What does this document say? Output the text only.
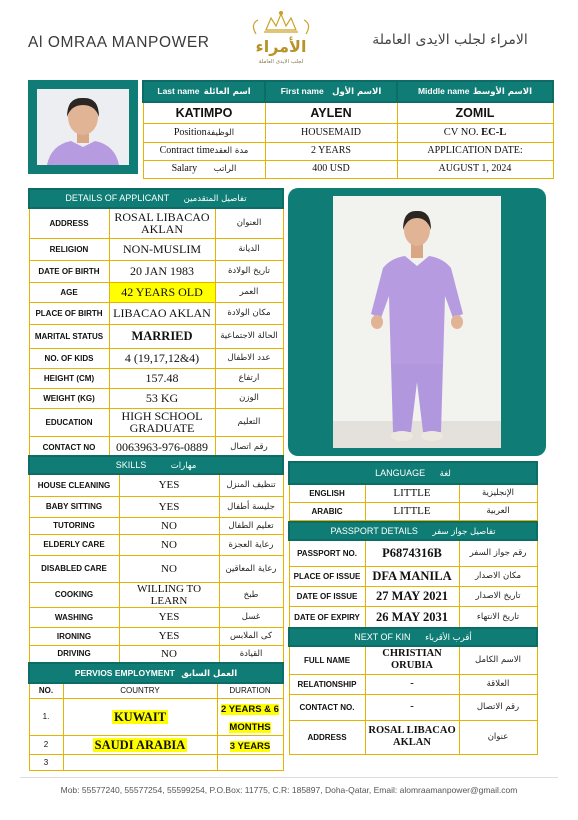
Al OMRAA MANPOWER	الأمراء
لجلب الايدى العاملة
الامراء لجلب الايدى العاملة
Last name اسم العائلة	First name الاسم الأول	Middle name الاسم الأوسط
KATIMPO	AYLEN	ZOMIL
Positionالوظيفة	HOUSEMAID	CV NO. EC-L
Contract timeمدة العقد	2 YEARS	APPLICATION DATE:
Salary الراتب	400 USD	AUGUST 1, 2024
DETAILS OF APPLICANT تفاصيل المتقدمين		
ADDRESS	ROSAL LIBACAO AKLAN	العنوان
RELIGION	NON-MUSLIM	الديانة
DATE OF BIRTH	20 JAN 1983	تاريخ الولادة
AGE	42 YEARS OLD	العمر
PLACE OF BIRTH	LIBACAO AKLAN	مكان الولادة
MARITAL STATUS	MARRIED	الحالة الاجتماعية
NO. OF KIDS	4 (19,17,12&4)	عدد الاطفال
HEIGHT (CM)	157.48	ارتفاع
WEIGHT (KG)	53 KG	الوزن
EDUCATION	HIGH SCHOOL GRADUATE	التعليم
CONTACT NO	0063963-976-0889	رقم اتصال
SKILLS مهارات		
HOUSE CLEANING	YES	تنظيف المنزل
BABY SITTING	YES	جليسة أطفال
TUTORING	NO	تعليم الطفال
ELDERLY CARE	NO	رعاية العجزة
DISABLED CARE	NO	رعاية المعاقين
COOKING	WILLING TO LEARN	طبخ
WASHING	YES	غسل
IRONING	YES	كى الملابس
DRIVING	NO	القيادة
PERVIOS EMPLOYMENT العمل السابق		
NO.	COUNTRY	DURATION
1.	KUWAIT	2 YEARS & 6 MONTHS
2	SAUDI ARABIA	3 YEARS
3		
LANGUAGE لغة		
ENGLISH	LITTLE	الإنجليزية
ARABIC	LITTLE	العربية
PASSPORT DETAILS تفاصيل جواز سفر		
PASSPORT NO.	P6874316B	رقم جواز السفر
PLACE OF ISSUE	DFA MANILA	مكان الاصدار
DATE OF ISSUE	27 MAY 2021	تاريخ الاصدار
DATE OF EXPIRY	26 MAY 2031	تاريخ الانتهاء
NEXT OF KIN أقرب الأقرباء		
FULL NAME	CHRISTIAN ORUBIA	الاسم الكامل
RELATIONSHIP	-	العلاقة
CONTACT NO.	-	رقم الاتصال
ADDRESS	ROSAL LIBACAO AKLAN	عنوان
Mob: 55577240, 55577254, 55599254, P.O.Box: 11775, C.R: 185897, Doha-Qatar, Email: alomraamanpower@gmail.com
